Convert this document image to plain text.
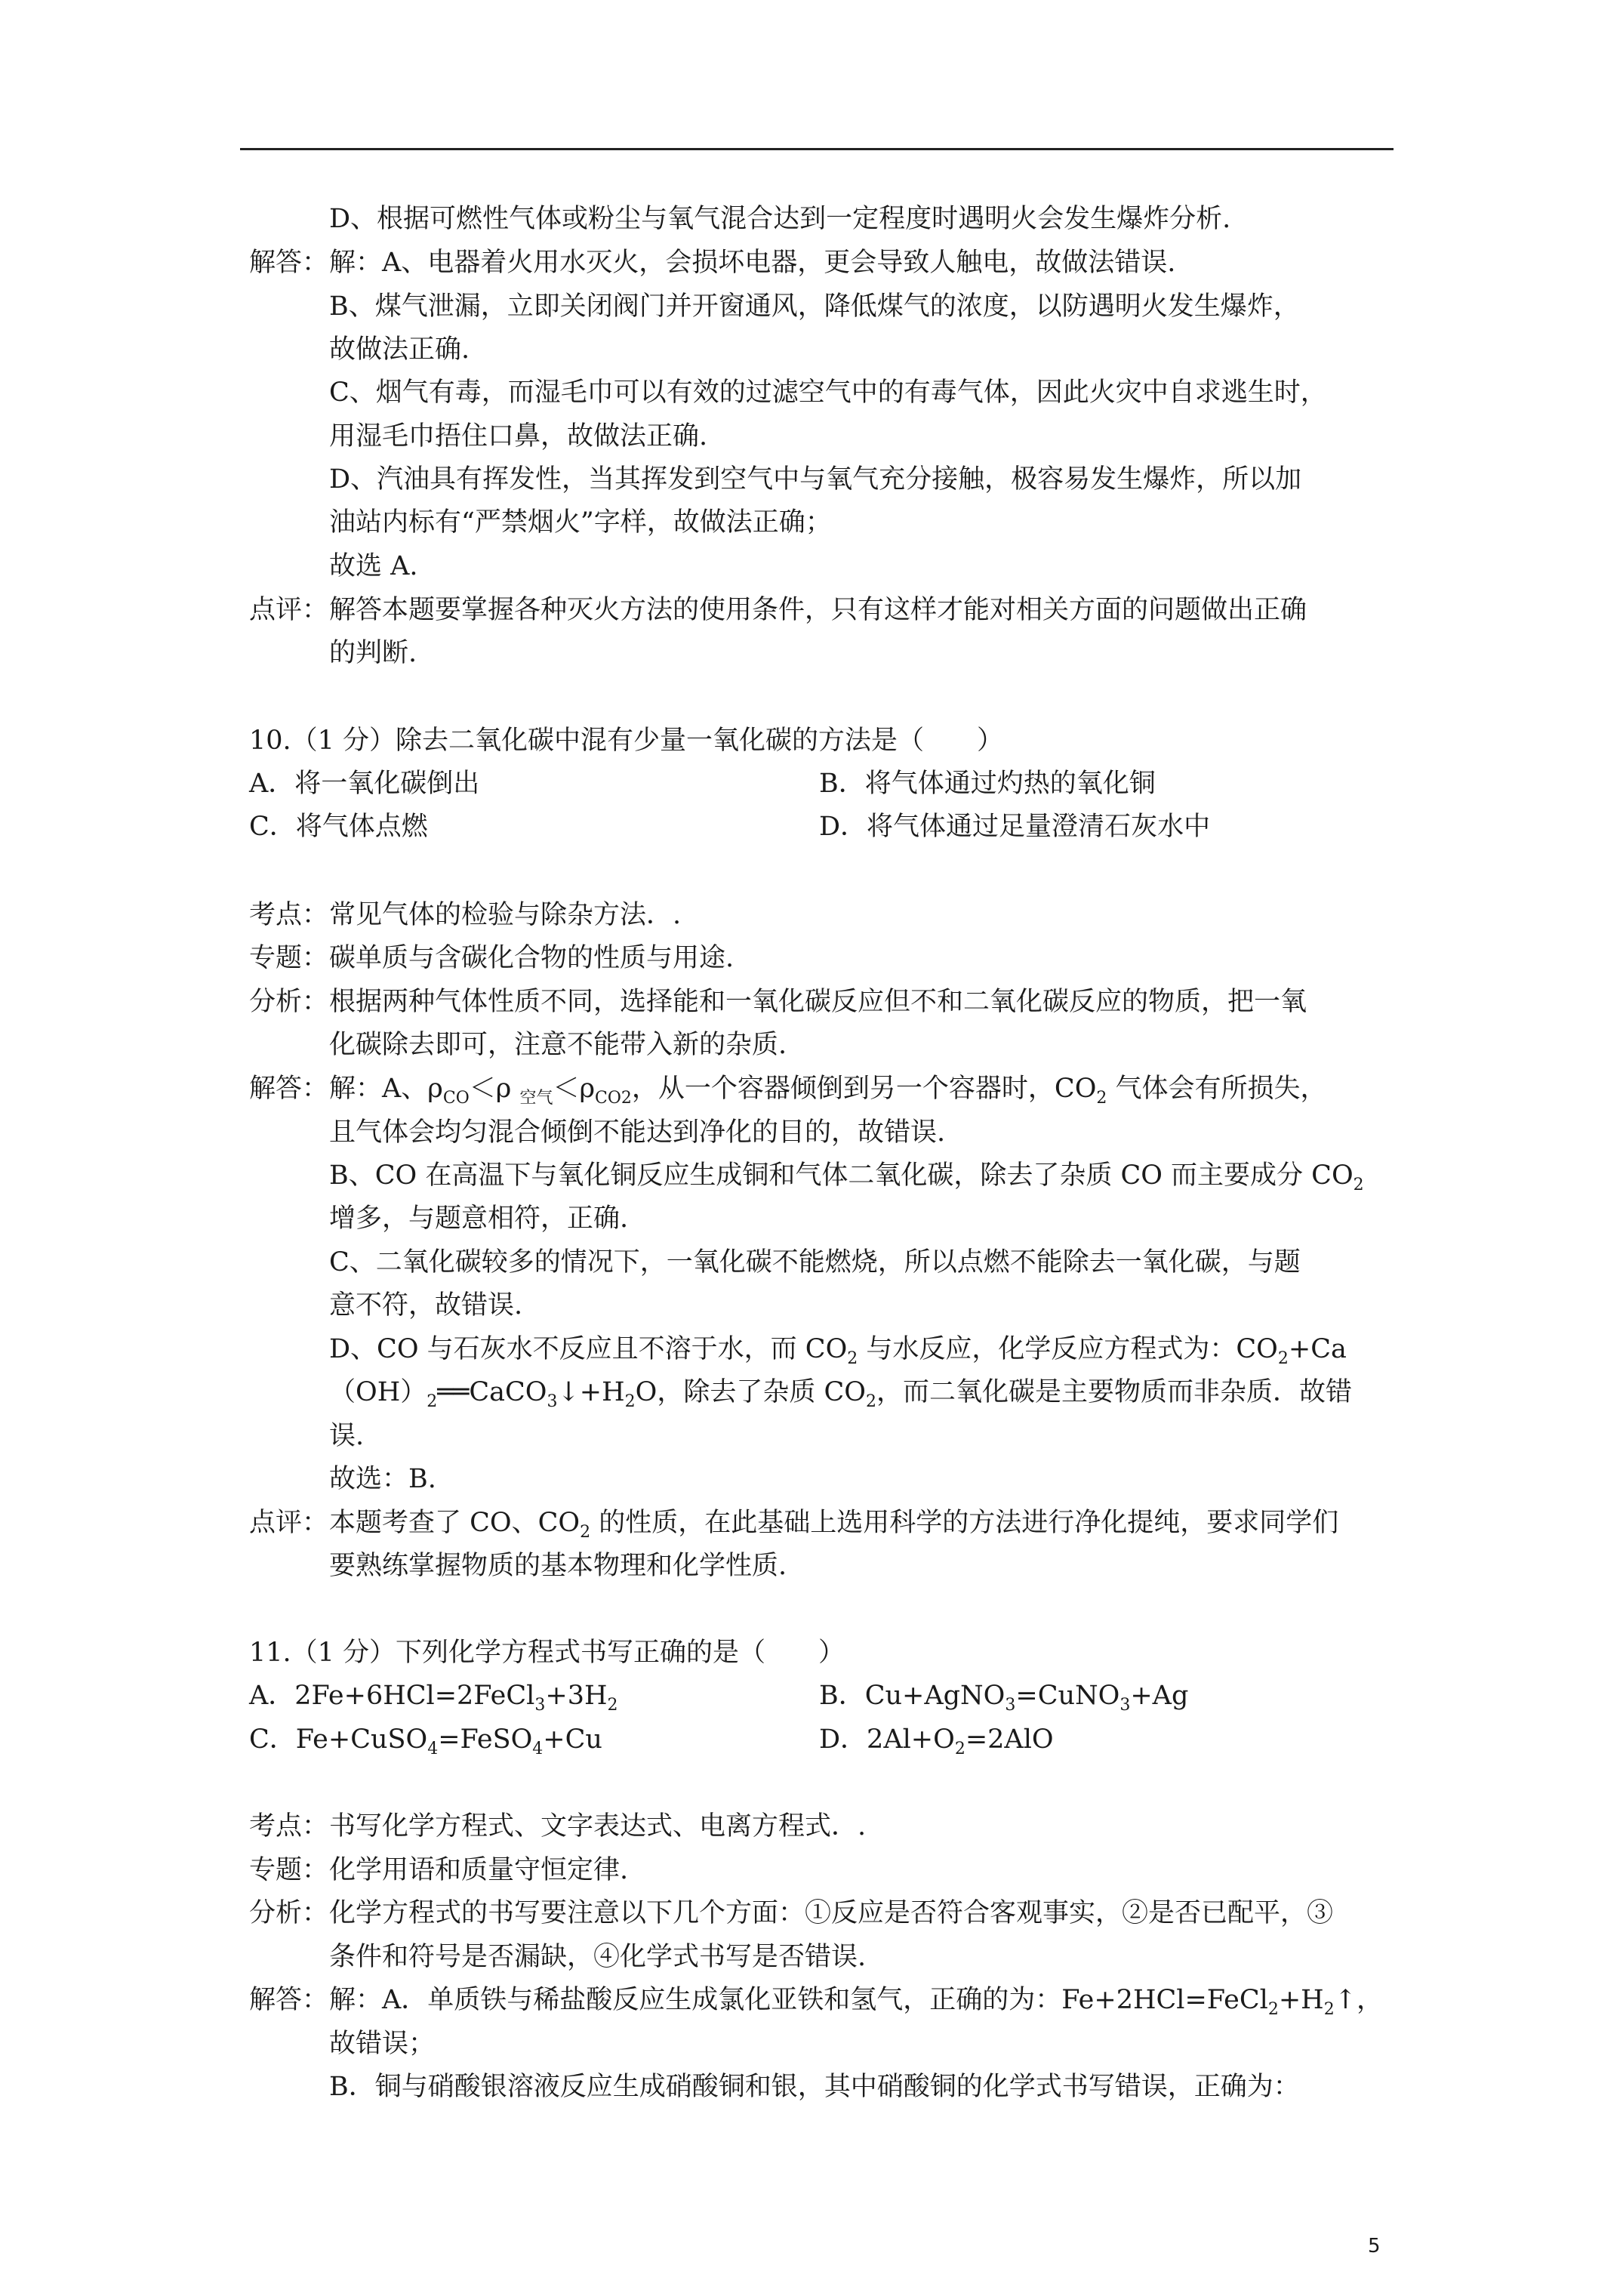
D、根据可燃性气体或粉尘与氧气混合达到一定程度时遇明火会发生爆炸分析.
解答： 解：A、电器着火用水灭火，会损坏电器，更会导致人触电，故做法错误.
B、煤气泄漏，立即关闭阀门并开窗通风，降低煤气的浓度，以防遇明火发生爆炸，
故做法正确.
C、烟气有毒，而湿毛巾可以有效的过滤空气中的有毒气体，因此火灾中自求逃生时，
用湿毛巾捂住口鼻，故做法正确.
D、汽油具有挥发性，当其挥发到空气中与氧气充分接触，极容易发生爆炸，所以加
油站内标有“严禁烟火”字样，故做法正确；
故选 A.
点评： 解答本题要掌握各种灭火方法的使用条件，只有这样才能对相关方面的问题做出正确
的判断.
10.（1 分）除去二氧化碳中混有少量一氧化碳的方法是（　　）
A．将一氧化碳倒出	B．将气体通过灼热的氧化铜
C．将气体点燃	D．将气体通过足量澄清石灰水中
考点： 常见气体的检验与除杂方法．.
专题： 碳单质与含碳化合物的性质与用途.
分析： 根据两种气体性质不同，选择能和一氧化碳反应但不和二氧化碳反应的物质，把一氧
化碳除去即可，注意不能带入新的杂质.
解答： 解：A、$\rho_{CO}<\rho$ $_{空气}<\rho_{CO2}$，从一个容器倾倒到另一个容器时，$CO_2$ 气体会有所损失，
且气体会均匀混合倾倒不能达到净化的目的，故错误.
B、CO 在高温下与氧化铜反应生成铜和气体二氧化碳，除去了杂质 CO 而主要成分 $CO_2$
增多，与题意相符，正确.
C、二氧化碳较多的情况下，一氧化碳不能燃烧，所以点燃不能除去一氧化碳，与题
意不符，故错误.
D、CO 与石灰水不反应且不溶于水，而 $CO_2$ 与水反应，化学反应方程式为：$CO_2+Ca$
$(OH)_2══CaCO_3↓+H_2O$，除去了杂质 $CO_2$，而二氧化碳是主要物质而非杂质．故错
误.
故选：B.
点评： 本题考查了 CO、$CO_2$ 的性质，在此基础上选用科学的方法进行净化提纯，要求同学们
要熟练掌握物质的基本物理和化学性质.
11.（1 分）下列化学方程式书写正确的是（　　）
A．$2Fe+6HCl=2FeCl_3+3H_2$	B．Cu+AgNO$_3$=CuNO$_3$+Ag
C．Fe+CuSO$_4$=FeSO$_4$+Cu	D．$2Al+O_2=2AlO$
考点： 书写化学方程式、文字表达式、电离方程式．.
专题： 化学用语和质量守恒定律.
分析： 化学方程式的书写要注意以下几个方面：①反应是否符合客观事实，②是否已配平，③
条件和符号是否漏缺，④化学式书写是否错误.
解答： 解：A．单质铁与稀盐酸反应生成氯化亚铁和氢气，正确的为：$Fe+2HCl=FeCl_2+H_2↑$，
故错误；
B．铜与硝酸银溶液反应生成硝酸铜和银，其中硝酸铜的化学式书写错误，正确为：
5
